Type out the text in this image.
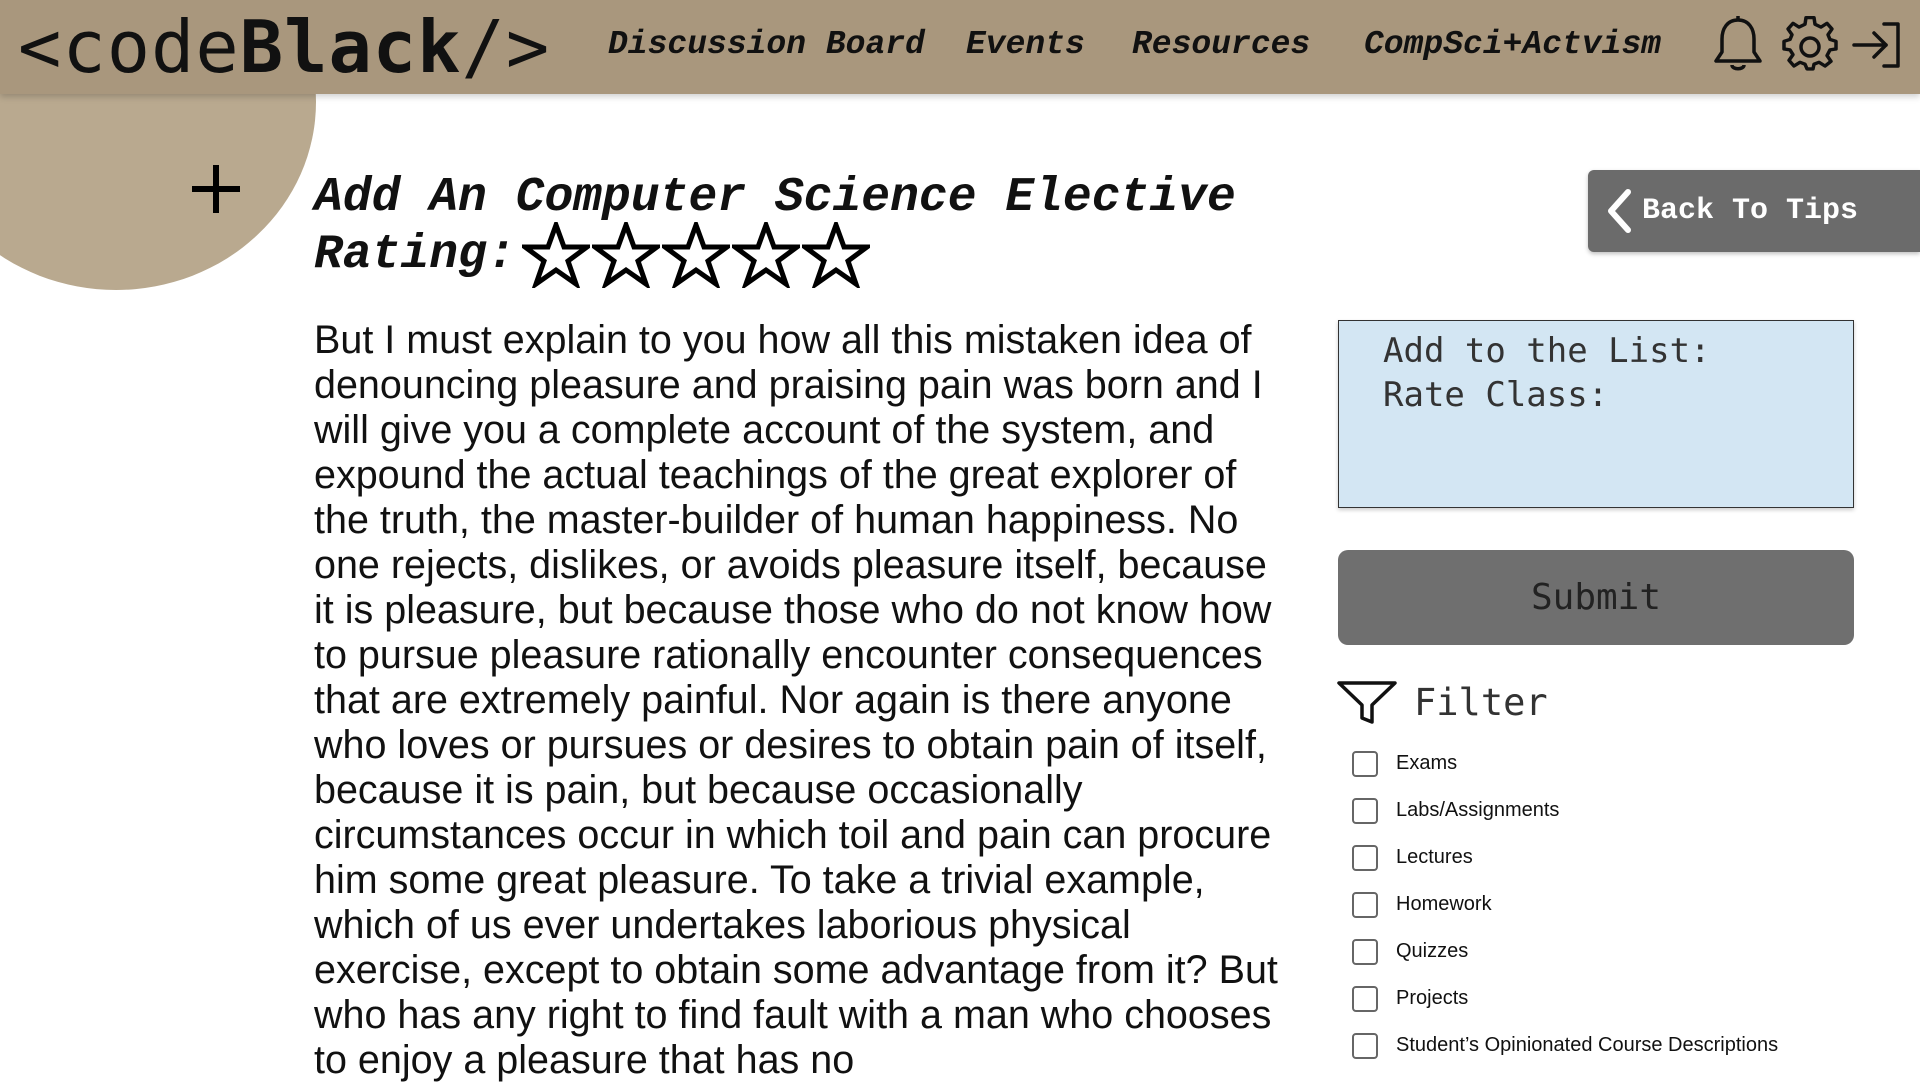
<codeBlack/> Discussion Board Events Resources CompSci+Actvism
Add An Computer Science Elective
Rating:

But I must explain to you how all this mistaken idea of denouncing pleasure and praising pain was born and I will give you a complete account of the system, and expound the actual teachings of the great explorer of the truth, the master-builder of human happiness. No one rejects, dislikes, or avoids pleasure itself, because it is pleasure, but because those who do not know how to pursue pleasure rationally encounter consequences that are extremely painful. Nor again is there anyone who loves or pursues or desires to obtain pain of itself, because it is pain, but because occasionally circumstances occur in which toil and pain can procure him some great pleasure. To take a trivial example, which of us ever undertakes laborious physical exercise, except to obtain some advantage from it? But who has any right to find fault with a man who chooses to enjoy a pleasure that has no

Back To Tips
Add to the List:
Rate Class:
Submit
Filter
Exams
Labs/Assignments
Lectures
Homework
Quizzes
Projects
Student’s Opinionated Course Descriptions
